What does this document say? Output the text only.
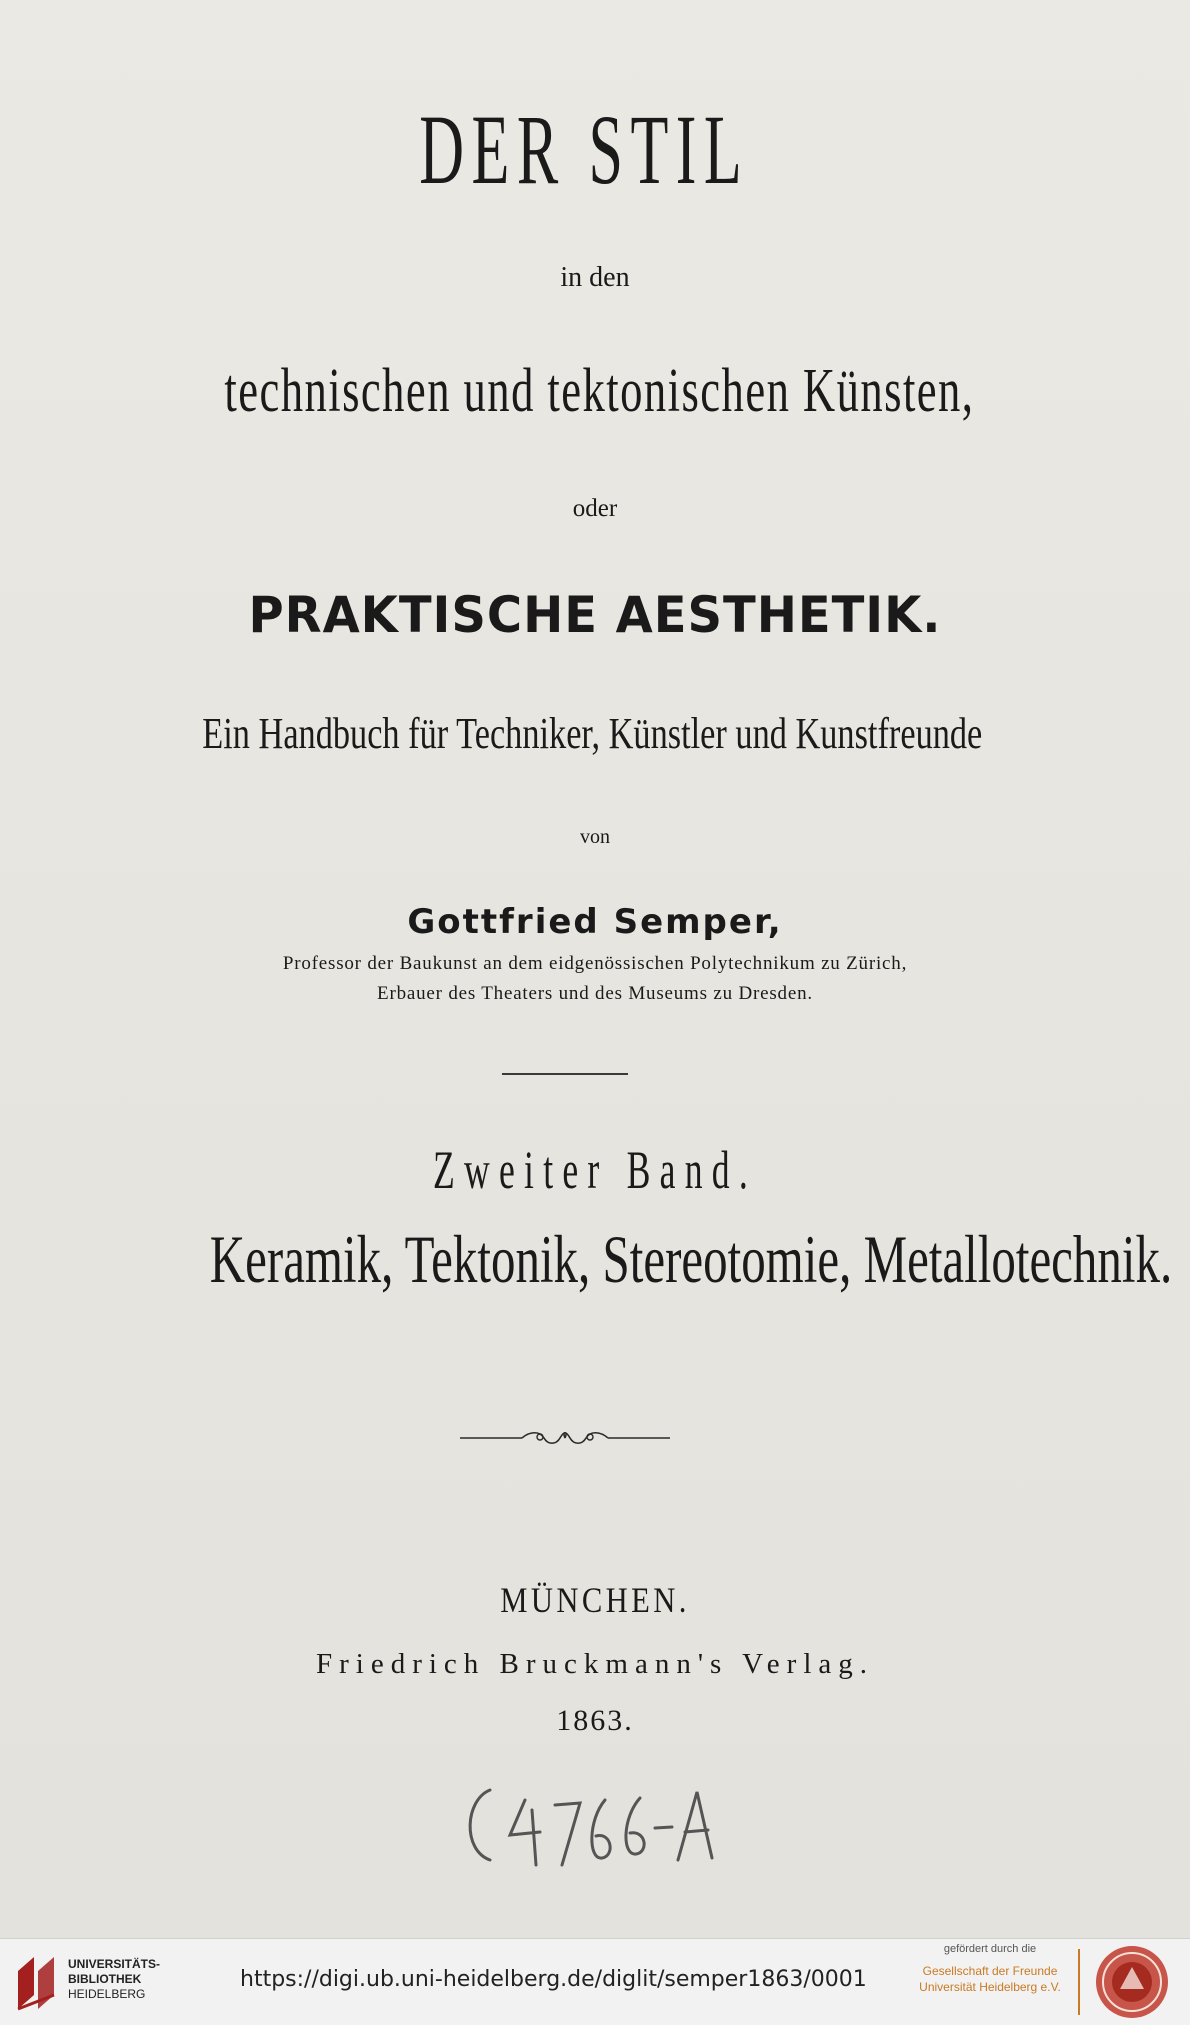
DER STIL
in den
technischen und tektonischen Künsten,
oder
PRAKTISCHE AESTHETIK.
Ein Handbuch für Techniker, Künstler und Kunstfreunde
von
Gottfried Semper,
Professor der Baukunst an dem eidgenössischen Polytechnikum zu Zürich,
Erbauer des Theaters und des Museums zu Dresden.
Zweiter Band.
Keramik, Tektonik, Stereotomie, Metallotechnik.
MÜNCHEN.
Friedrich Bruckmann's Verlag.
1863.
UNIVERSITÄTS-
BIBLIOTHEK
HEIDELBERG
https://digi.ub.uni-heidelberg.de/diglit/semper1863/0001
gefördert durch die
Gesellschaft der Freunde
Universität Heidelberg e.V.
